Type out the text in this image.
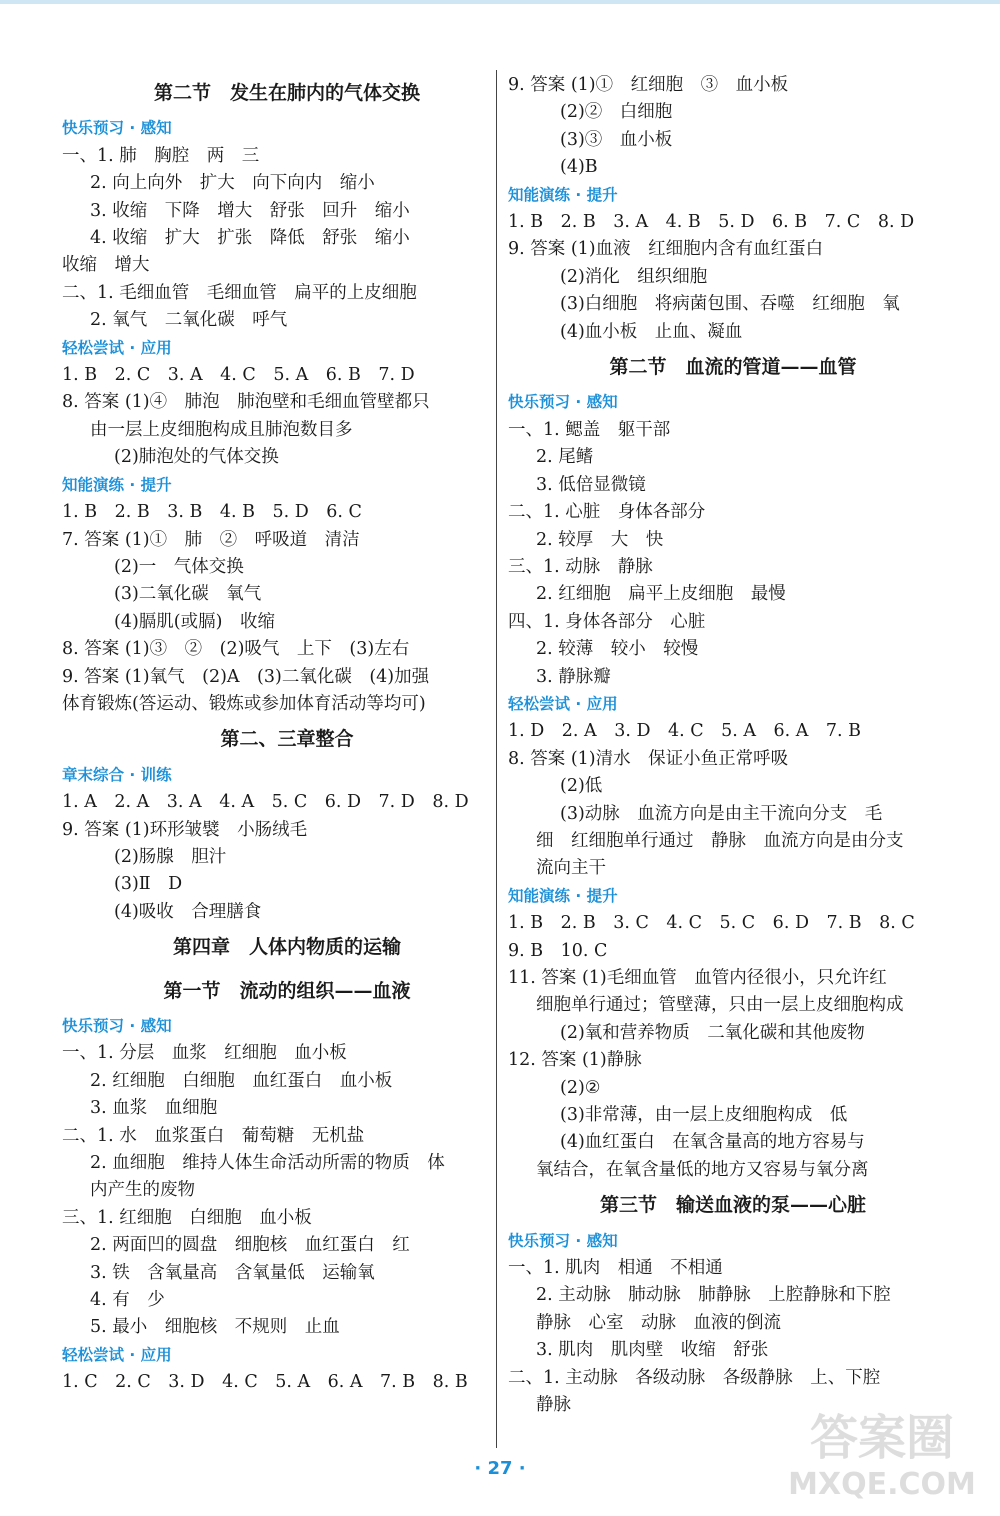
第二节　发生在肺内的气体交换
快乐预习 · 感知
一、1. 肺　胸腔　两　三
2. 向上向外　扩大　向下向内　缩小
3. 收缩　下降　增大　舒张　回升　缩小
4. 收缩　扩大　扩张　降低　舒张　缩小
收缩　增大
二、1. 毛细血管　毛细血管　扁平的上皮细胞
2. 氧气　二氧化碳　呼气
轻松尝试 · 应用
1. B　2. C　3. A　4. C　5. A　6. B　7. D
8. 答案 (1)④　肺泡　肺泡壁和毛细血管壁都只
由一层上皮细胞构成且肺泡数目多
(2)肺泡处的气体交换
知能演练 · 提升
1. B　2. B　3. B　4. B　5. D　6. C
7. 答案 (1)①　肺　②　呼吸道　清洁
(2)一　气体交换
(3)二氧化碳　氧气
(4)膈肌(或膈)　收缩
8. 答案 (1)③　②　(2)吸气　上下　(3)左右
9. 答案 (1)氧气　(2)A　(3)二氧化碳　(4)加强
体育锻炼(答运动、锻炼或参加体育活动等均可)
第二、三章整合
章末综合 · 训练
1. A　2. A　3. A　4. A　5. C　6. D　7. D　8. D
9. 答案 (1)环形皱襞　小肠绒毛
(2)肠腺　胆汁
(3)Ⅱ　D
(4)吸收　合理膳食
第四章　人体内物质的运输
第一节　流动的组织——血液
快乐预习 · 感知
一、1. 分层　血浆　红细胞　血小板
2. 红细胞　白细胞　血红蛋白　血小板
3. 血浆　血细胞
二、1. 水　血浆蛋白　葡萄糖　无机盐
2. 血细胞　维持人体生命活动所需的物质　体
内产生的废物
三、1. 红细胞　白细胞　血小板
2. 两面凹的圆盘　细胞核　血红蛋白　红
3. 铁　含氧量高　含氧量低　运输氧
4. 有　少
5. 最小　细胞核　不规则　止血
轻松尝试 · 应用
1. C　2. C　3. D　4. C　5. A　6. A　7. B　8. B
9. 答案 (1)①　红细胞　③　血小板
(2)②　白细胞
(3)③　血小板
(4)B
知能演练 · 提升
1. B　2. B　3. A　4. B　5. D　6. B　7. C　8. D
9. 答案 (1)血液　红细胞内含有血红蛋白
(2)消化　组织细胞
(3)白细胞　将病菌包围、吞噬　红细胞　氧
(4)血小板　止血、凝血
第二节　血流的管道——血管
快乐预习 · 感知
一、1. 鳃盖　躯干部
2. 尾鳍
3. 低倍显微镜
二、1. 心脏　身体各部分
2. 较厚　大　快
三、1. 动脉　静脉
2. 红细胞　扁平上皮细胞　最慢
四、1. 身体各部分　心脏
2. 较薄　较小　较慢
3. 静脉瓣
轻松尝试 · 应用
1. D　2. A　3. D　4. C　5. A　6. A　7. B
8. 答案 (1)清水　保证小鱼正常呼吸
(2)低
(3)动脉　血流方向是由主干流向分支　毛
细　红细胞单行通过　静脉　血流方向是由分支
流向主干
知能演练 · 提升
1. B　2. B　3. C　4. C　5. C　6. D　7. B　8. C
9. B　10. C
11. 答案 (1)毛细血管　血管内径很小，只允许红
细胞单行通过；管壁薄，只由一层上皮细胞构成
(2)氧和营养物质　二氧化碳和其他废物
12. 答案 (1)静脉
(2)②
(3)非常薄，由一层上皮细胞构成　低
(4)血红蛋白　在氧含量高的地方容易与
氧结合，在氧含量低的地方又容易与氧分离
第三节　输送血液的泵——心脏
快乐预习 · 感知
一、1. 肌肉　相通　不相通
2. 主动脉　肺动脉　肺静脉　上腔静脉和下腔
静脉　心室　动脉　血液的倒流
3. 肌肉　肌肉壁　收缩　舒张
二、1. 主动脉　各级动脉　各级静脉　上、下腔
静脉
· 27 ·
答案圈
MXQE.COM
